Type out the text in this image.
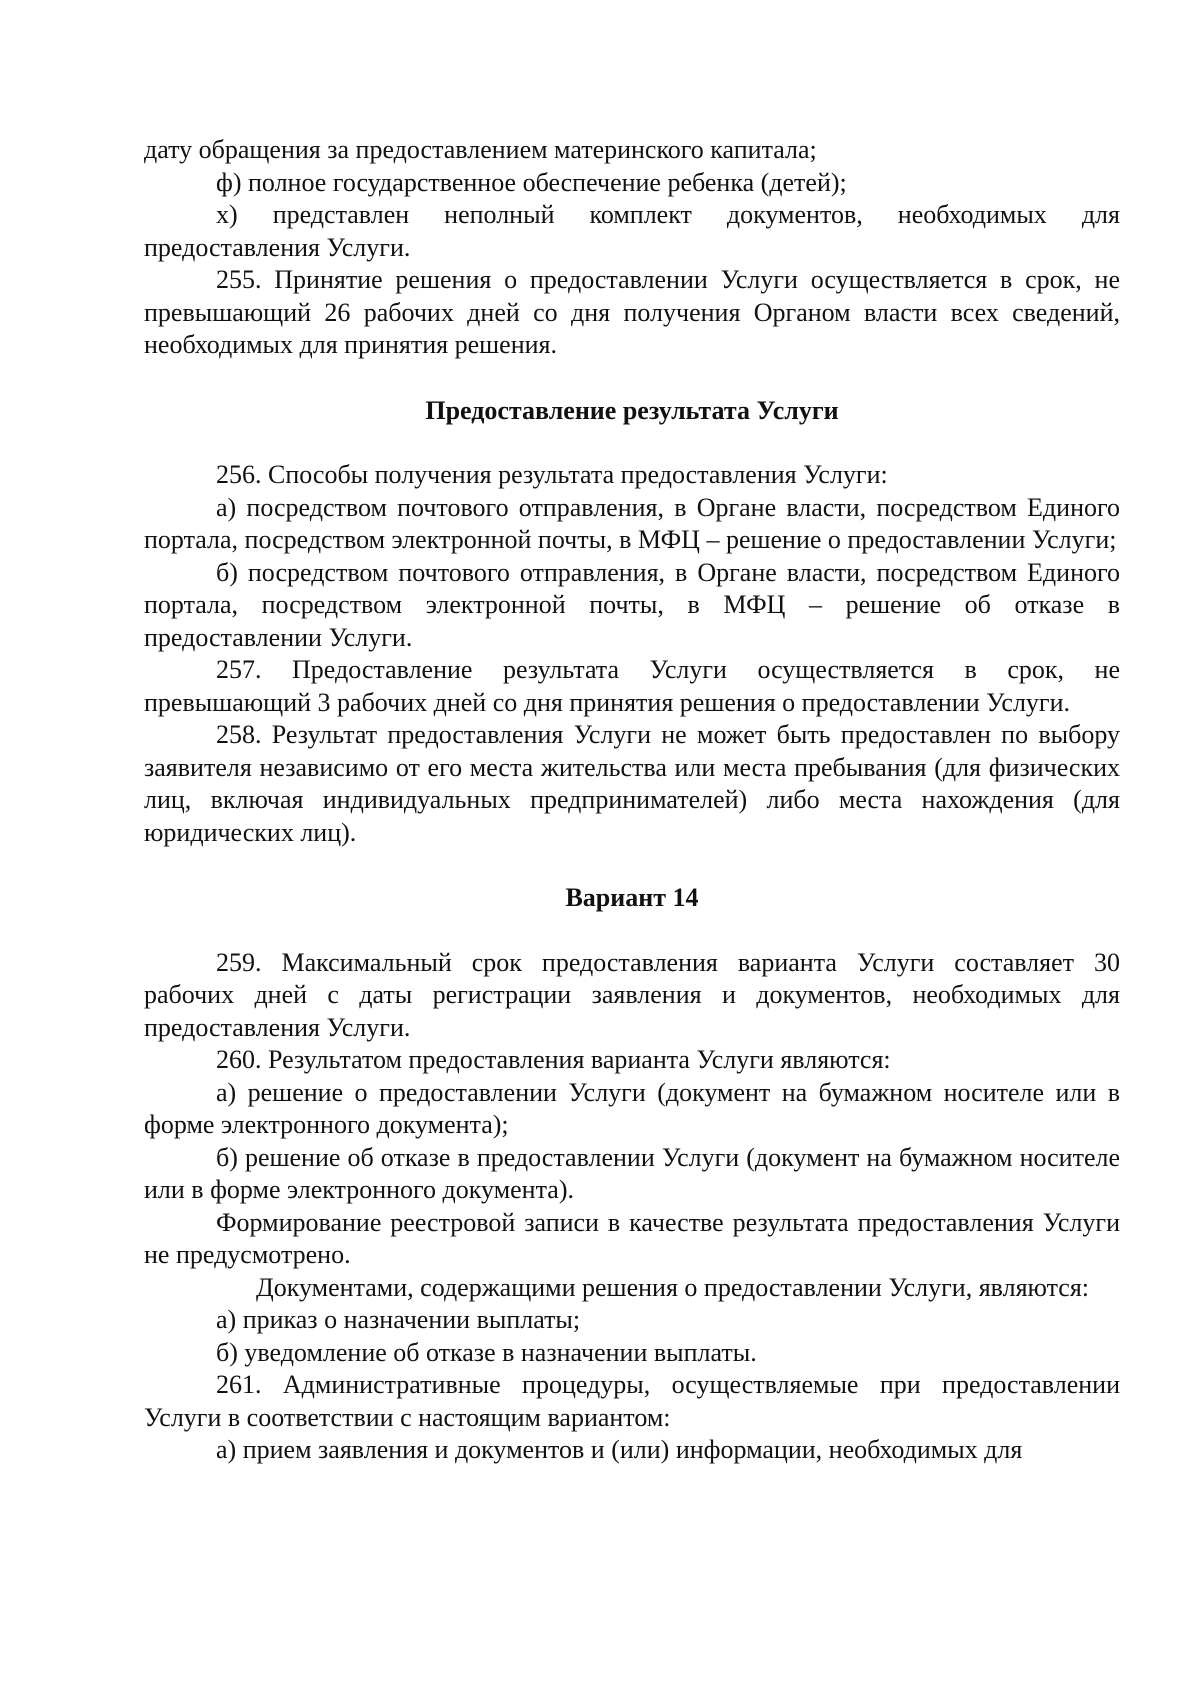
дату обращения за предоставлением материнского капитала;

ф) полное государственное обеспечение ребенка (детей);

х) представлен неполный комплект документов, необходимых для предоставления Услуги.

255. Принятие решения о предоставлении Услуги осуществляется в срок, не превышающий 26 рабочих дней со дня получения Органом власти всех сведений, необходимых для принятия решения.

Предоставление результата Услуги

256. Способы получения результата предоставления Услуги:

а) посредством почтового отправления, в Органе власти, посредством Единого портала, посредством электронной почты, в МФЦ – решение о предоставлении Услуги;

б) посредством почтового отправления, в Органе власти, посредством Единого портала, посредством электронной почты, в МФЦ – решение об отказе в предоставлении Услуги.

257. Предоставление результата Услуги осуществляется в срок, не превышающий 3 рабочих дней со дня принятия решения о предоставлении Услуги.

258. Результат предоставления Услуги не может быть предоставлен по выбору заявителя независимо от его места жительства или места пребывания (для физических лиц, включая индивидуальных предпринимателей) либо места нахождения (для юридических лиц).

Вариант 14

259. Максимальный срок предоставления варианта Услуги составляет 30 рабочих дней с даты регистрации заявления и документов, необходимых для предоставления Услуги.

260. Результатом предоставления варианта Услуги являются:

а) решение о предоставлении Услуги (документ на бумажном носителе или в форме электронного документа);

б) решение об отказе в предоставлении Услуги (документ на бумажном носителе или в форме электронного документа).

Формирование реестровой записи в качестве результата предоставления Услуги не предусмотрено.

Документами, содержащими решения о предоставлении Услуги, являются:

а) приказ о назначении выплаты;

б) уведомление об отказе в назначении выплаты.

261. Административные процедуры, осуществляемые при предоставлении Услуги в соответствии с настоящим вариантом:

а) прием заявления и документов и (или) информации, необходимых для
